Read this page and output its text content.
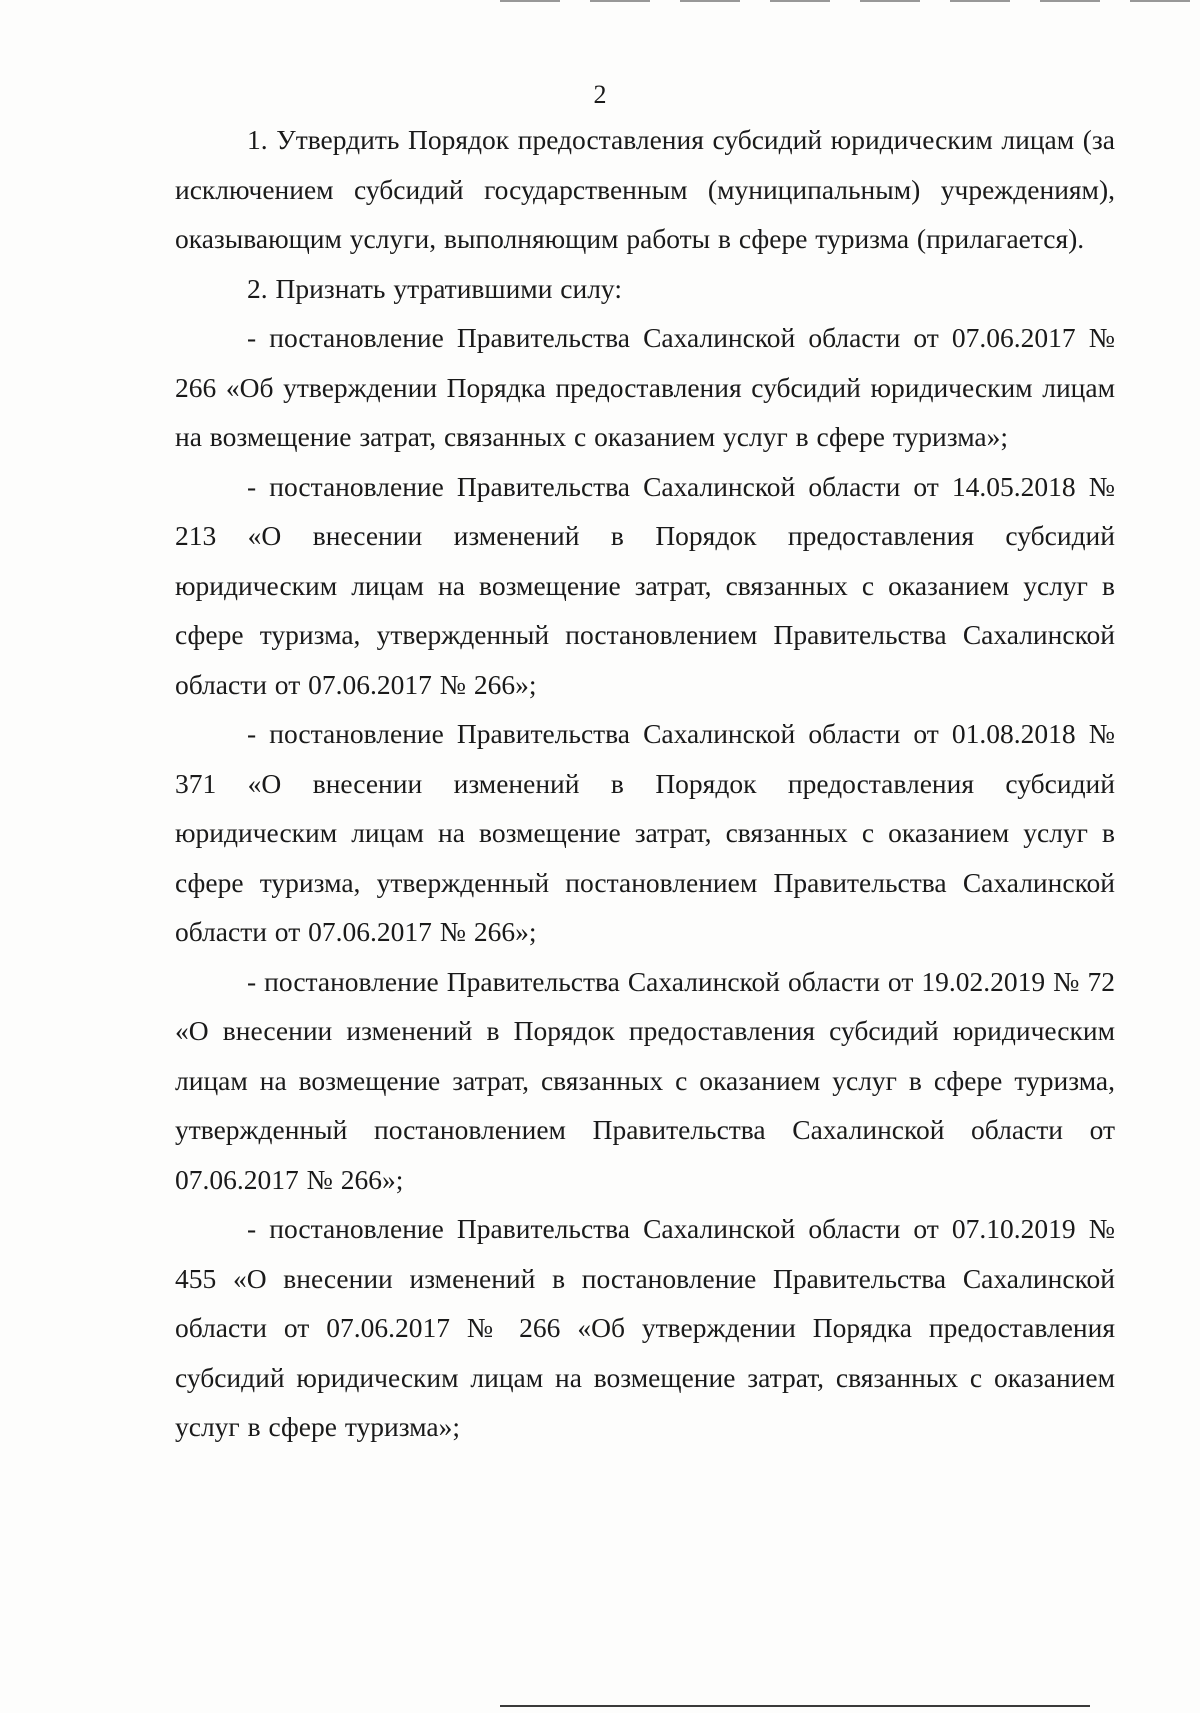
2

1. Утвердить Порядок предоставления субсидий юридическим лицам (за исключением субсидий государственным (муниципальным) учреждениям), оказывающим услуги, выполняющим работы в сфере туризма (прилагается).

2. Признать утратившими силу:

- постановление Правительства Сахалинской области от 07.06.2017 № 266 «Об утверждении Порядка предоставления субсидий юридическим лицам на возмещение затрат, связанных с оказанием услуг в сфере туризма»;

- постановление Правительства Сахалинской области от 14.05.2018 № 213 «О внесении изменений в Порядок предоставления субсидий юридическим лицам на возмещение затрат, связанных с оказанием услуг в сфере туризма, утвержденный постановлением Правительства Сахалинской области от 07.06.2017 № 266»;

- постановление Правительства Сахалинской области от 01.08.2018 № 371 «О внесении изменений в Порядок предоставления субсидий юридическим лицам на возмещение затрат, связанных с оказанием услуг в сфере туризма, утвержденный постановлением Правительства Сахалинской области от 07.06.2017 № 266»;

- постановление Правительства Сахалинской области от 19.02.2019 № 72 «О внесении изменений в Порядок предоставления субсидий юридическим лицам на возмещение затрат, связанных с оказанием услуг в сфере туризма, утвержденный постановлением Правительства Сахалинской области от 07.06.2017 № 266»;

- постановление Правительства Сахалинской области от 07.10.2019 № 455 «О внесении изменений в постановление Правительства Сахалинской области от 07.06.2017 № 266 «Об утверждении Порядка предоставления субсидий юридическим лицам на возмещение затрат, связанных с оказанием услуг в сфере туризма»;
